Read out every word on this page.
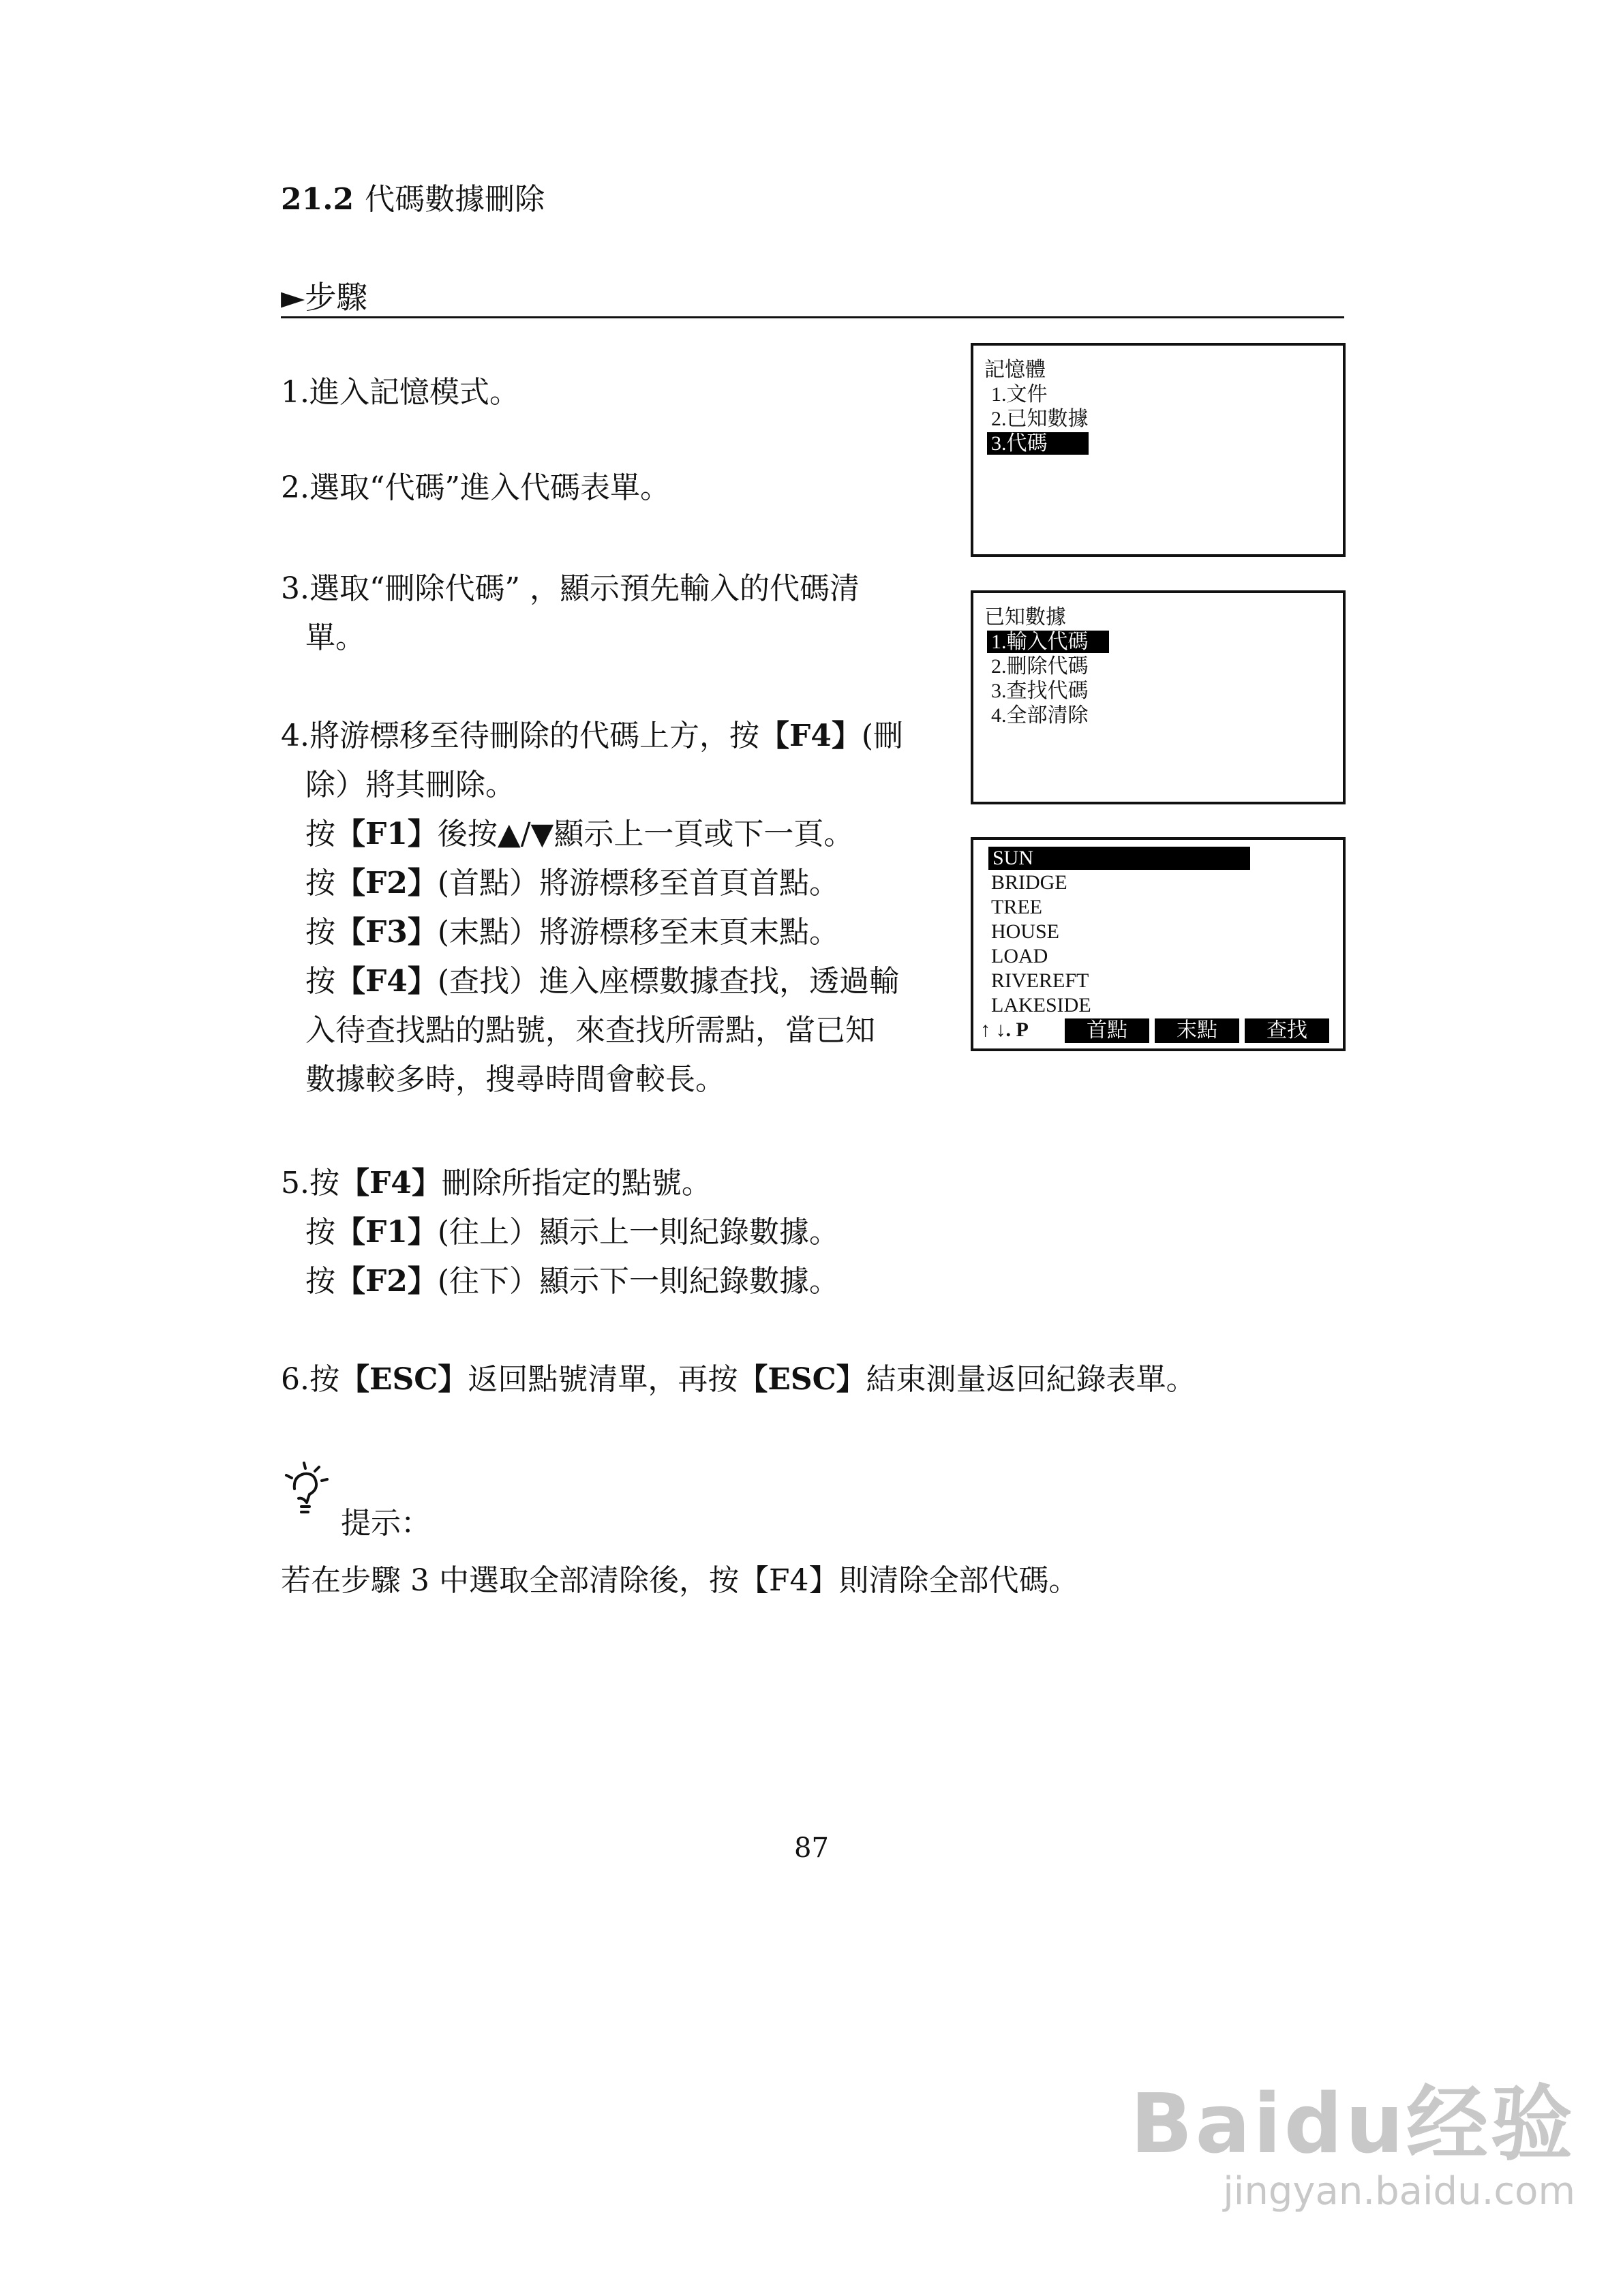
21.2 代碼數據刪除
►步驟
1.進入記憶模式。
2.選取“代碼”進入代碼表單。
3.選取“刪除代碼” ，顯示預先輸入的代碼清
單。
4.將游標移至待刪除的代碼上方，按【F4】(刪
除）將其刪除。
按【F1】後按▲/▼顯示上一頁或下一頁。
按【F2】(首點）將游標移至首頁首點。
按【F3】(末點）將游標移至末頁末點。
按【F4】(查找）進入座標數據查找，透過輸
入待查找點的點號，來查找所需點，當已知
數據較多時，搜尋時間會較長。
5.按【F4】刪除所指定的點號。
按【F1】(往上）顯示上一則紀錄數據。
按【F2】(往下）顯示下一則紀錄數據。
6.按【ESC】返回點號清單，再按【ESC】結束測量返回紀錄表單。
記憶體
1.文件
2.已知數據
3.代碼
已知數據
1.輸入代碼
2.刪除代碼
3.查找代碼
4.全部清除
SUN
BRIDGE
TREE
HOUSE
LOAD
RIVEREFT
LAKESIDE
↑ ↓. P	首點	末點	查找
提示：
若在步驟 3 中選取全部清除後，按【F4】則清除全部代碼。
87
Baidu经验
jingyan.baidu.com
